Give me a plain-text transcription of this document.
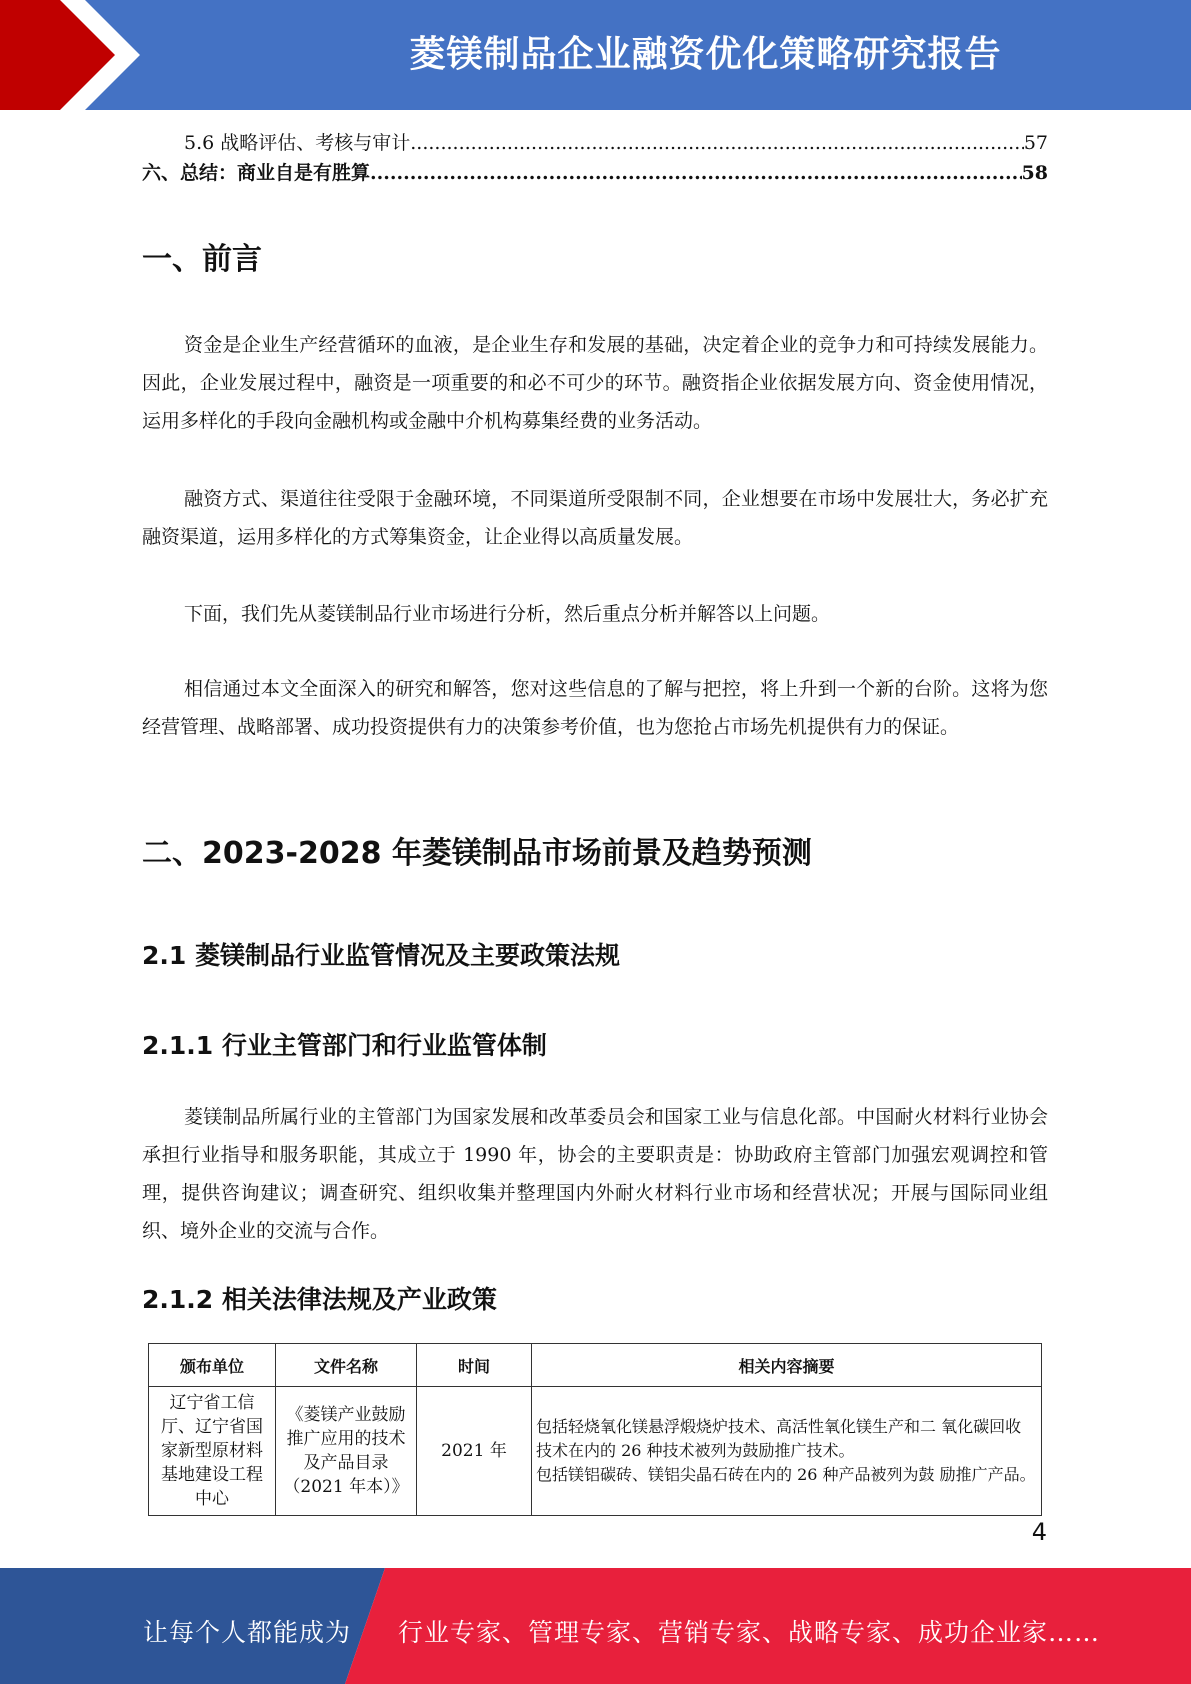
菱镁制品企业融资优化策略研究报告
5.6 战略评估、考核与审计 .....	57
六、总结：商业自是有胜算 .....	58
一、前言
资金是企业生产经营循环的血液，是企业生存和发展的基础，决定着企业的竞争力和可持续发展能力。因此，企业发展过程中，融资是一项重要的和必不可少的环节。融资指企业依据发展方向、资金使用情况，运用多样化的手段向金融机构或金融中介机构募集经费的业务活动。
融资方式、渠道往往受限于金融环境，不同渠道所受限制不同，企业想要在市场中发展壮大，务必扩充融资渠道，运用多样化的方式筹集资金，让企业得以高质量发展。
下面，我们先从菱镁制品行业市场进行分析，然后重点分析并解答以上问题。
相信通过本文全面深入的研究和解答，您对这些信息的了解与把控，将上升到一个新的台阶。这将为您经营管理、战略部署、成功投资提供有力的决策参考价值，也为您抢占市场先机提供有力的保证。
二、2023-2028 年菱镁制品市场前景及趋势预测
2.1 菱镁制品行业监管情况及主要政策法规
2.1.1 行业主管部门和行业监管体制
菱镁制品所属行业的主管部门为国家发展和改革委员会和国家工业与信息化部。中国耐火材料行业协会承担行业指导和服务职能，其成立于 1990 年，协会的主要职责是：协助政府主管部门加强宏观调控和管理，提供咨询建议；调查研究、组织收集并整理国内外耐火材料行业市场和经营状况；开展与国际同业组织、境外企业的交流与合作。
2.1.2 相关法律法规及产业政策
颁布单位	文件名称	时间	相关内容摘要
辽宁省工信厅、辽宁省国家新型原材料基地建设工程中心	《菱镁产业鼓励推广应用的技术及产品目录（2021 年本）》	2021 年	包括轻烧氧化镁悬浮煅烧炉技术、高活性氧化镁生产和二 氧化碳回收技术在内的 26 种技术被列为鼓励推广技术。
包括镁铝碳砖、镁铝尖晶石砖在内的 26 种产品被列为鼓 励推广产品。
4
让每个人都能成为 行业专家、管理专家、营销专家、战略专家、成功企业家……
